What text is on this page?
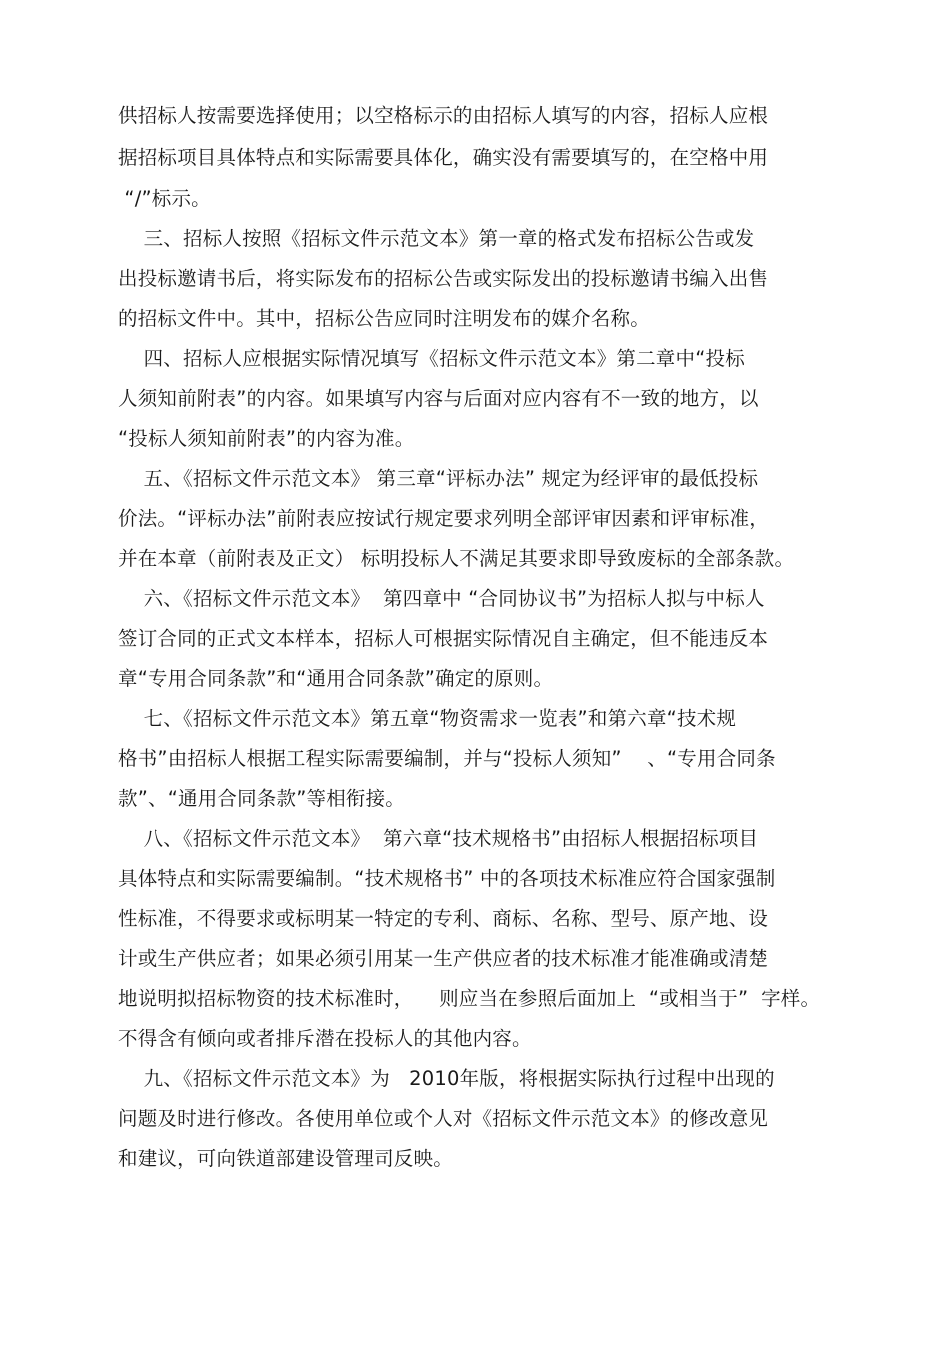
供招标人按需要选择使用；以空格标示的由招标人填写的内容，招标人应根
据招标项目具体特点和实际需要具体化，确实没有需要填写的，在空格中用
“/”标示。
三、招标人按照《招标文件示范文本》第一章的格式发布招标公告或发
出投标邀请书后，将实际发布的招标公告或实际发出的投标邀请书编入出售
的招标文件中。其中，招标公告应同时注明发布的媒介名称。
四、招标人应根据实际情况填写《招标文件示范文本》第二章中“投标
人须知前附表”的内容。如果填写内容与后面对应内容有不一致的地方，以
“投标人须知前附表”的内容为准。
五、《招标文件示范文本》 第三章“评标办法” 规定为经评审的最低投标
价法。“评标办法”前附表应按试行规定要求列明全部评审因素和评审标准，
并在本章（前附表及正文） 标明投标人不满足其要求即导致废标的全部条款。
六、《招标文件示范文本》  第四章中 “合同协议书”为招标人拟与中标人
签订合同的正式文本样本，招标人可根据实际情况自主确定，但不能违反本
章“专用合同条款”和“通用合同条款”确定的原则。
七、《招标文件示范文本》第五章“物资需求一览表”和第六章“技术规
格书”由招标人根据工程实际需要编制，并与“投标人须知”    、“专用合同条
款”、“通用合同条款”等相衔接。
八、《招标文件示范文本》  第六章“技术规格书”由招标人根据招标项目
具体特点和实际需要编制。“技术规格书” 中的各项技术标准应符合国家强制
性标准，不得要求或标明某一特定的专利、商标、名称、型号、原产地、设
计或生产供应者；如果必须引用某一生产供应者的技术标准才能准确或清楚
地说明拟招标物资的技术标准时，    则应当在参照后面加上  “或相当于”  字样。
不得含有倾向或者排斥潜在投标人的其他内容。
九、《招标文件示范文本》为   2010年版，将根据实际执行过程中出现的
问题及时进行修改。各使用单位或个人对《招标文件示范文本》的修改意见
和建议，可向铁道部建设管理司反映。
